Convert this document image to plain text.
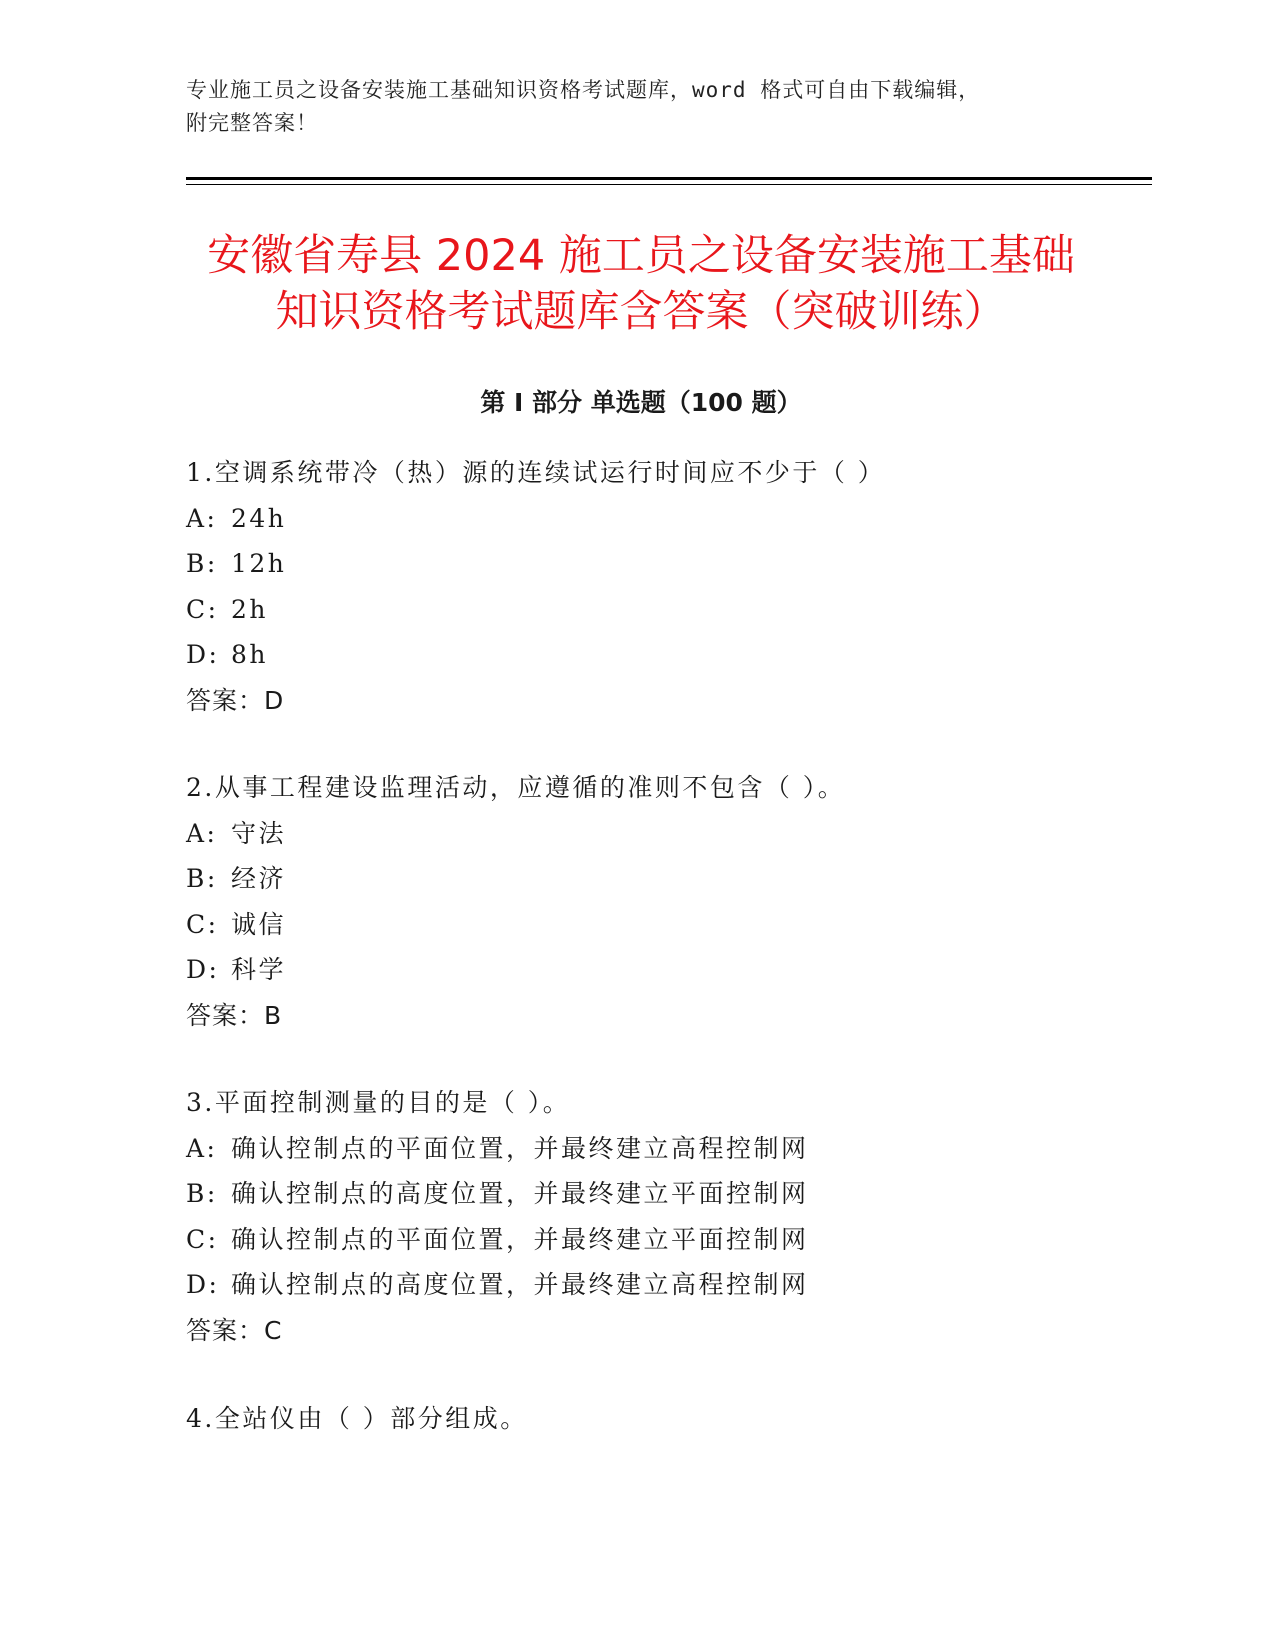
专业施工员之设备安装施工基础知识资格考试题库，word 格式可自由下载编辑，
附完整答案！
安徽省寿县 2024 施工员之设备安装施工基础
知识资格考试题库含答案（突破训练）
第 I 部分 单选题（100 题）
1.空调系统带冷（热）源的连续试运行时间应不少于（ ）
A: 24h
B: 12h
C: 2h
D: 8h
答案：D
2.从事工程建设监理活动，应遵循的准则不包含（ ）。
A: 守法
B: 经济
C: 诚信
D: 科学
答案：B
3.平面控制测量的目的是（ ）。
A: 确认控制点的平面位置，并最终建立高程控制网
B: 确认控制点的高度位置，并最终建立平面控制网
C: 确认控制点的平面位置，并最终建立平面控制网
D: 确认控制点的高度位置，并最终建立高程控制网
答案：C
4.全站仪由（ ）部分组成。
